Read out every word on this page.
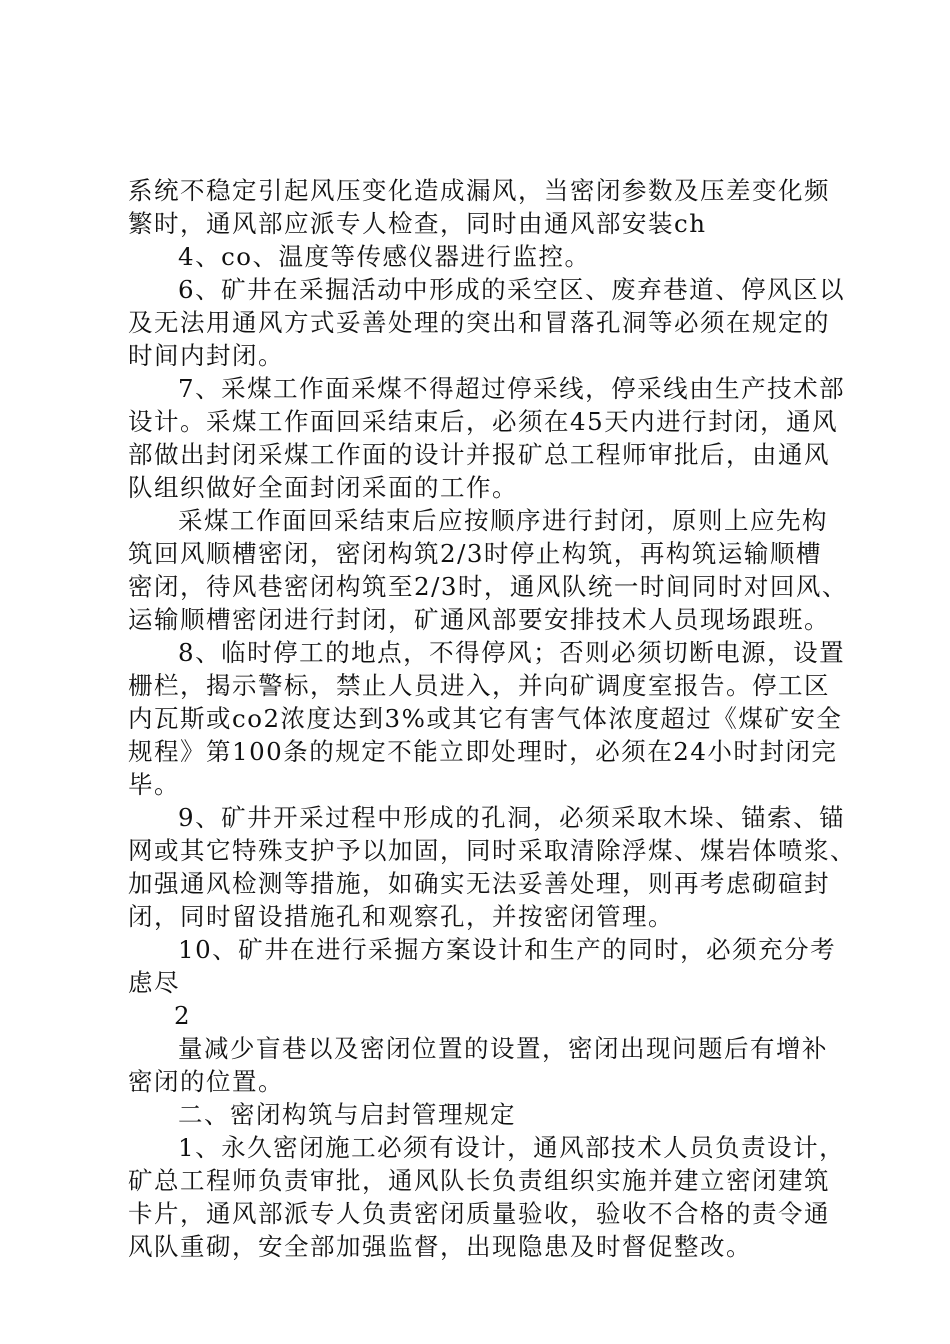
系统不稳定引起风压变化造成漏风，当密闭参数及压差变化频
繁时，通风部应派专人检查，同时由通风部安装ch
4、co、温度等传感仪器进行监控。
6、矿井在采掘活动中形成的采空区、废弃巷道、停风区以
及无法用通风方式妥善处理的突出和冒落孔洞等必须在规定的
时间内封闭。
7、采煤工作面采煤不得超过停采线，停采线由生产技术部
设计。采煤工作面回采结束后，必须在45天内进行封闭，通风
部做出封闭采煤工作面的设计并报矿总工程师审批后，由通风
队组织做好全面封闭采面的工作。
采煤工作面回采结束后应按顺序进行封闭，原则上应先构
筑回风顺槽密闭，密闭构筑2/3时停止构筑，再构筑运输顺槽
密闭，待风巷密闭构筑至2/3时，通风队统一时间同时对回风、
运输顺槽密闭进行封闭，矿通风部要安排技术人员现场跟班。
8、临时停工的地点，不得停风；否则必须切断电源，设置
栅栏，揭示警标，禁止人员进入，并向矿调度室报告。停工区
内瓦斯或co2浓度达到3%或其它有害气体浓度超过《煤矿安全
规程》第100条的规定不能立即处理时，必须在24小时封闭完
毕。
9、矿井开采过程中形成的孔洞，必须采取木垛、锚索、锚
网或其它特殊支护予以加固，同时采取清除浮煤、煤岩体喷浆、
加强通风检测等措施，如确实无法妥善处理，则再考虑砌碹封
闭，同时留设措施孔和观察孔，并按密闭管理。
10、矿井在进行采掘方案设计和生产的同时，必须充分考
虑尽
2
量减少盲巷以及密闭位置的设置，密闭出现问题后有增补
密闭的位置。
二、密闭构筑与启封管理规定
1、永久密闭施工必须有设计，通风部技术人员负责设计，
矿总工程师负责审批，通风队长负责组织实施并建立密闭建筑
卡片，通风部派专人负责密闭质量验收，验收不合格的责令通
风队重砌，安全部加强监督，出现隐患及时督促整改。
